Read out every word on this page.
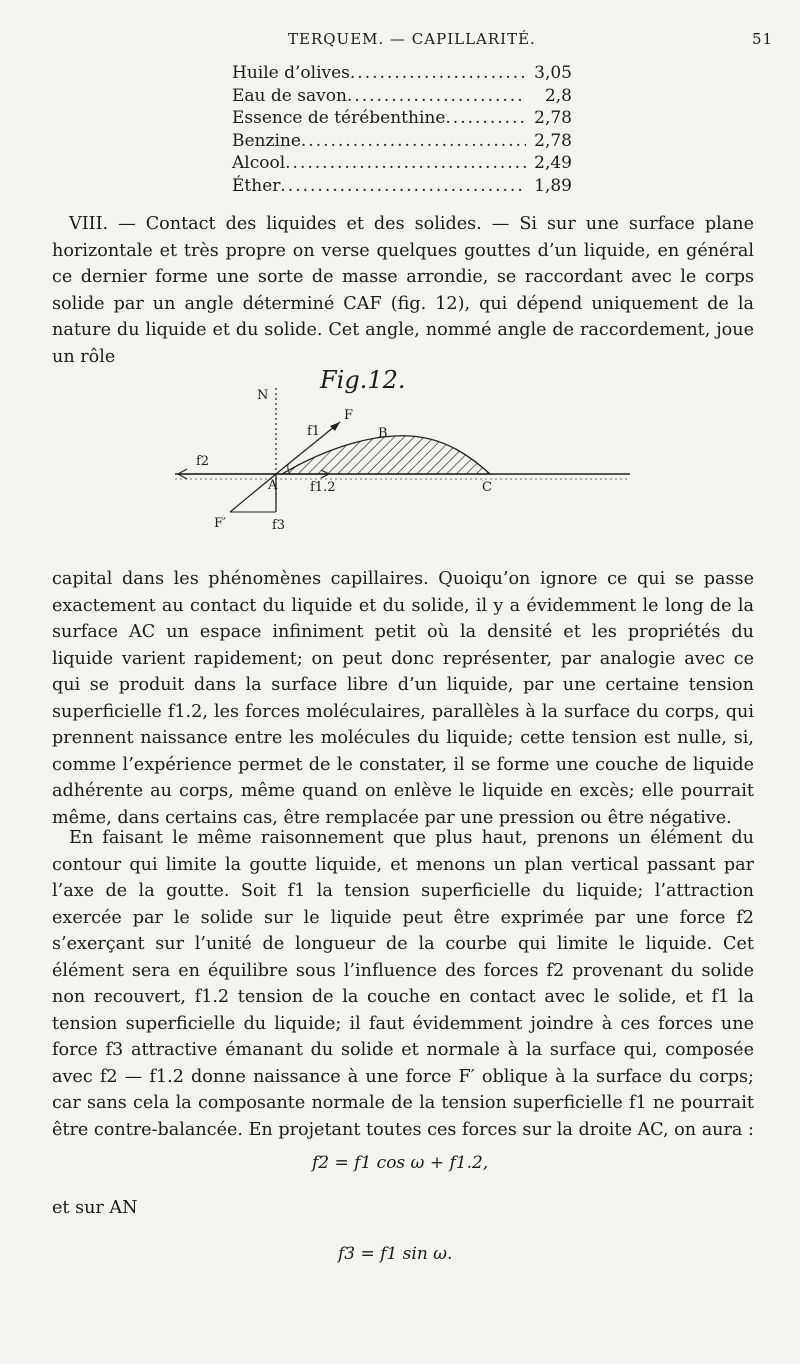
TERQUEM. — CAPILLARITÉ.	51
Huile d’olives .....	3,05
Eau de savon .....	2,8
Essence de térébenthine .....	2,78
Benzine .....	2,78
Alcool .....	2,49
Éther .....	1,89
VIII. — Contact des liquides et des solides. — Si sur une surface plane horizontale et très propre on verse quelques gouttes d’un liquide, en général ce dernier forme une sorte de masse arrondie, se raccordant avec le corps solide par un angle déterminé CAF (fig. 12), qui dépend uniquement de la nature du liquide et du solide. Cet angle, nommé angle de raccordement, joue un rôle
Fig.12.
N
F
B
f1
f2
A	f1.2	C
F′	f3
capital dans les phénomènes capillaires. Quoiqu’on ignore ce qui se passe exactement au contact du liquide et du solide, il y a évidemment le long de la surface AC un espace infiniment petit où la densité et les propriétés du liquide varient rapidement; on peut donc représenter, par analogie avec ce qui se produit dans la surface libre d’un liquide, par une certaine tension superficielle f1.2, les forces moléculaires, parallèles à la surface du corps, qui prennent naissance entre les molécules du liquide; cette tension est nulle, si, comme l’expérience permet de le constater, il se forme une couche de liquide adhérente au corps, même quand on enlève le liquide en excès; elle pourrait même, dans certains cas, être remplacée par une pression ou être négative.
En faisant le même raisonnement que plus haut, prenons un élément du contour qui limite la goutte liquide, et menons un plan vertical passant par l’axe de la goutte. Soit f1 la tension superficielle du liquide; l’attraction exercée par le solide sur le liquide peut être exprimée par une force f2 s’exerçant sur l’unité de longueur de la courbe qui limite le liquide. Cet élément sera en équilibre sous l’influence des forces f2 provenant du solide non recouvert, f1.2 tension de la couche en contact avec le solide, et f1 la tension superficielle du liquide; il faut évidemment joindre à ces forces une force f3 attractive émanant du solide et normale à la surface qui, composée avec f2 — f1.2 donne naissance à une force F′ oblique à la surface du corps; car sans cela la composante normale de la tension superficielle f1 ne pourrait être contre-balancée. En projetant toutes ces forces sur la droite AC, on aura :
f2 = f1 cos ω + f1.2,
et sur AN
f3 = f1 sin ω.
